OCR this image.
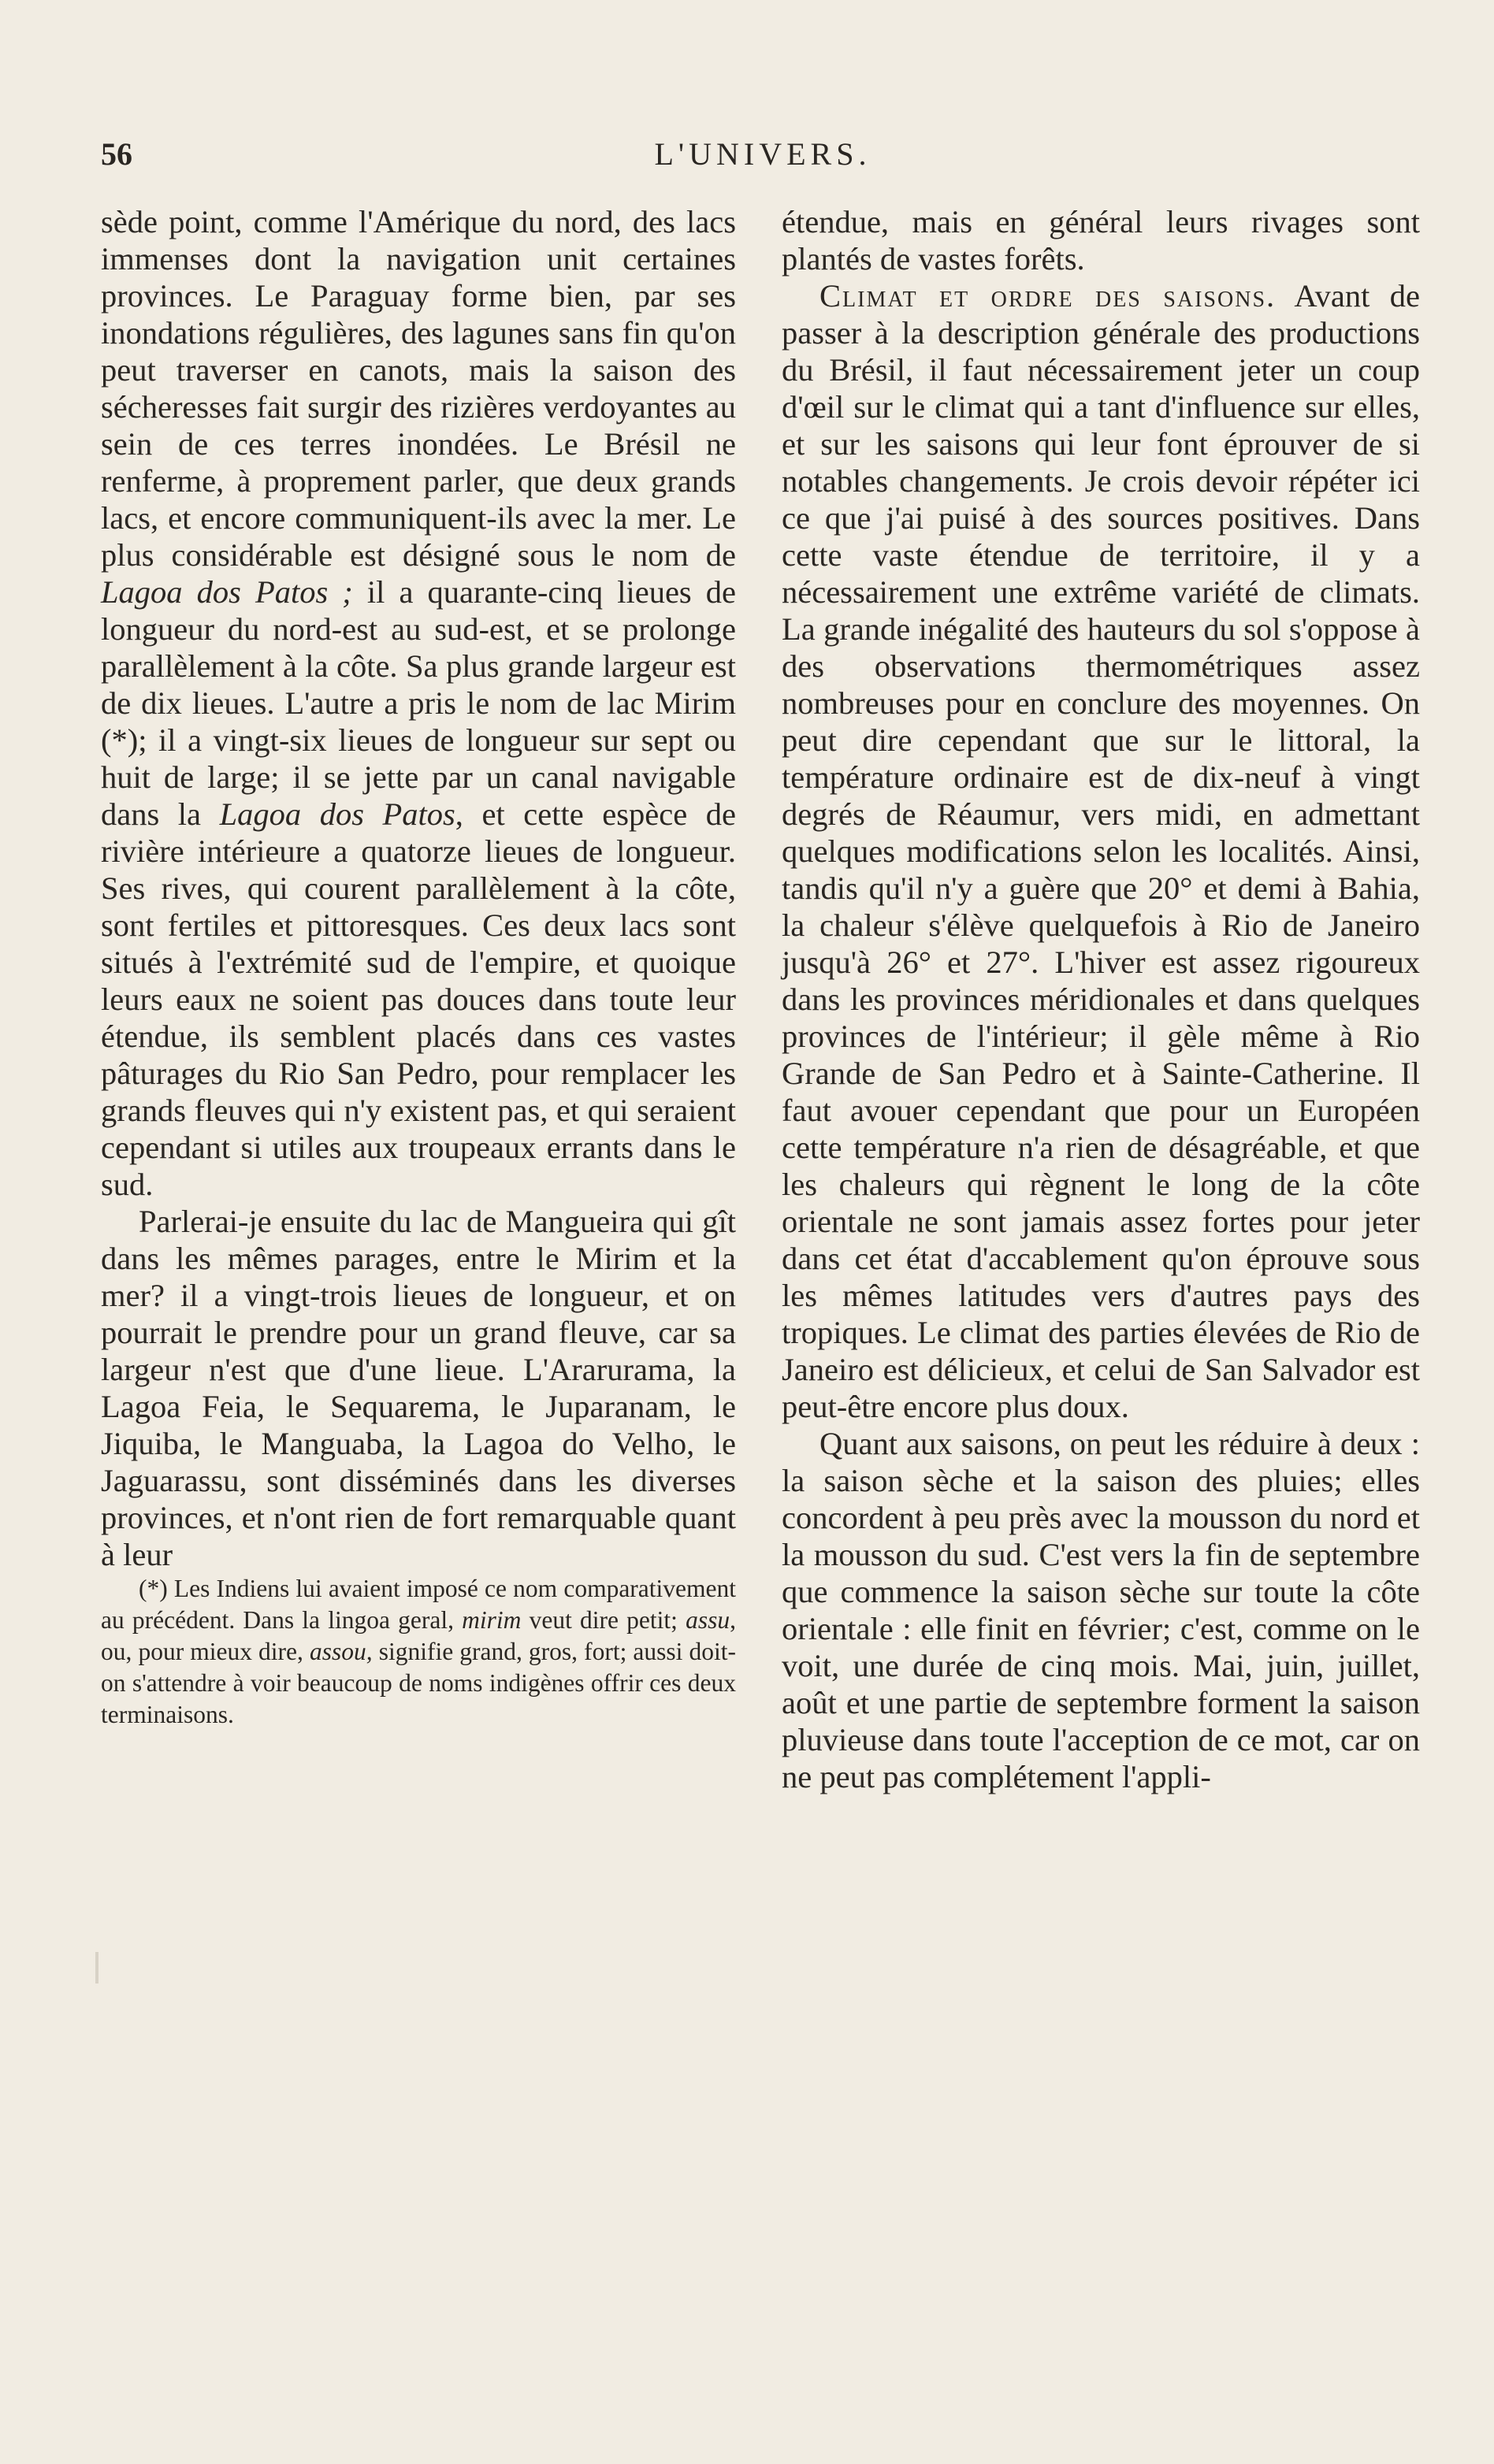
56	L'UNIVERS.

sède point, comme l'Amérique du nord, des lacs immenses dont la navigation unit certaines provinces. Le Paraguay forme bien, par ses inondations régulières, des lagunes sans fin qu'on peut traverser en canots, mais la saison des sécheresses fait surgir des rizières verdoyantes au sein de ces terres inondées. Le Brésil ne renferme, à proprement parler, que deux grands lacs, et encore communiquent-ils avec la mer. Le plus considérable est désigné sous le nom de Lagoa dos Patos ; il a quarante-cinq lieues de longueur du nord-est au sud-est, et se prolonge parallèlement à la côte. Sa plus grande largeur est de dix lieues. L'autre a pris le nom de lac Mirim (*); il a vingt-six lieues de longueur sur sept ou huit de large; il se jette par un canal navigable dans la Lagoa dos Patos, et cette espèce de rivière intérieure a quatorze lieues de longueur. Ses rives, qui courent parallèlement à la côte, sont fertiles et pittoresques. Ces deux lacs sont situés à l'extrémité sud de l'empire, et quoique leurs eaux ne soient pas douces dans toute leur étendue, ils semblent placés dans ces vastes pâturages du Rio San Pedro, pour remplacer les grands fleuves qui n'y existent pas, et qui seraient cependant si utiles aux troupeaux errants dans le sud.

Parlerai-je ensuite du lac de Mangueira qui gît dans les mêmes parages, entre le Mirim et la mer? il a vingt-trois lieues de longueur, et on pourrait le prendre pour un grand fleuve, car sa largeur n'est que d'une lieue. L'Ararurama, la Lagoa Feia, le Sequarema, le Juparanam, le Jiquiba, le Manguaba, la Lagoa do Velho, le Jaguarassu, sont disséminés dans les diverses provinces, et n'ont rien de fort remarquable quant à leur

(*) Les Indiens lui avaient imposé ce nom comparativement au précédent. Dans la lingoa geral, mirim veut dire petit; assu, ou, pour mieux dire, assou, signifie grand, gros, fort; aussi doit-on s'attendre à voir beaucoup de noms indigènes offrir ces deux terminaisons.

étendue, mais en général leurs rivages sont plantés de vastes forêts.

Climat et ordre des saisons. Avant de passer à la description générale des productions du Brésil, il faut nécessairement jeter un coup d'œil sur le climat qui a tant d'influence sur elles, et sur les saisons qui leur font éprouver de si notables changements. Je crois devoir répéter ici ce que j'ai puisé à des sources positives. Dans cette vaste étendue de territoire, il y a nécessairement une extrême variété de climats. La grande inégalité des hauteurs du sol s'oppose à des observations thermométriques assez nombreuses pour en conclure des moyennes. On peut dire cependant que sur le littoral, la température ordinaire est de dix-neuf à vingt degrés de Réaumur, vers midi, en admettant quelques modifications selon les localités. Ainsi, tandis qu'il n'y a guère que 20° et demi à Bahia, la chaleur s'élève quelquefois à Rio de Janeiro jusqu'à 26° et 27°. L'hiver est assez rigoureux dans les provinces méridionales et dans quelques provinces de l'intérieur; il gèle même à Rio Grande de San Pedro et à Sainte-Catherine. Il faut avouer cependant que pour un Européen cette température n'a rien de désagréable, et que les chaleurs qui règnent le long de la côte orientale ne sont jamais assez fortes pour jeter dans cet état d'accablement qu'on éprouve sous les mêmes latitudes vers d'autres pays des tropiques. Le climat des parties élevées de Rio de Janeiro est délicieux, et celui de San Salvador est peut-être encore plus doux.

Quant aux saisons, on peut les réduire à deux : la saison sèche et la saison des pluies; elles concordent à peu près avec la mousson du nord et la mousson du sud. C'est vers la fin de septembre que commence la saison sèche sur toute la côte orientale : elle finit en février; c'est, comme on le voit, une durée de cinq mois. Mai, juin, juillet, août et une partie de septembre forment la saison pluvieuse dans toute l'acception de ce mot, car on ne peut pas complétement l'appli-
